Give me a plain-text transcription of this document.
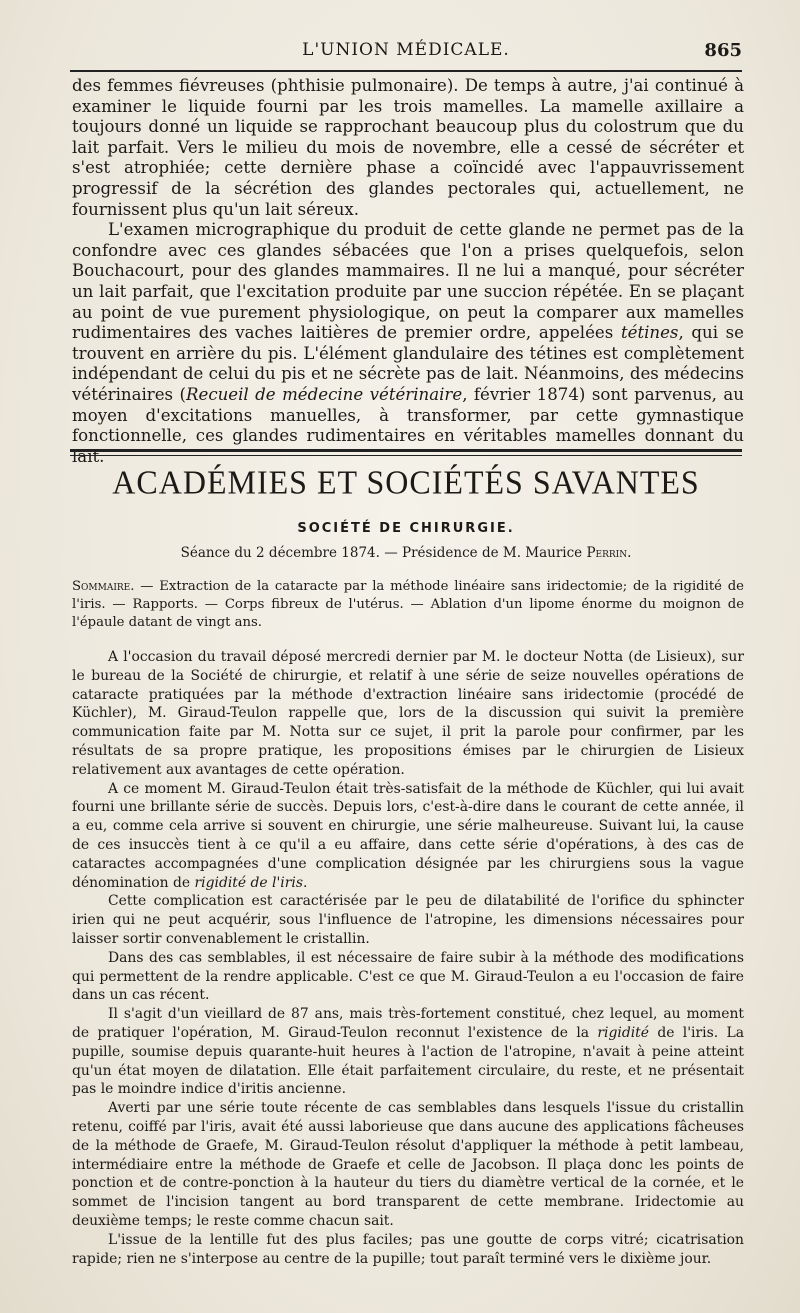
L'UNION MÉDICALE.	865

des femmes fiévreuses (phthisie pulmonaire). De temps à autre, j'ai continué à examiner le liquide fourni par les trois mamelles. La mamelle axillaire a toujours donné un liquide se rapprochant beaucoup plus du colostrum que du lait parfait. Vers le milieu du mois de novembre, elle a cessé de sécréter et s'est atrophiée; cette dernière phase a coïncidé avec l'appauvrissement progressif de la sécrétion des glandes pectorales qui, actuellement, ne fournissent plus qu'un lait séreux.

L'examen micrographique du produit de cette glande ne permet pas de la confondre avec ces glandes sébacées que l'on a prises quelquefois, selon Bouchacourt, pour des glandes mammaires. Il ne lui a manqué, pour sécréter un lait parfait, que l'excitation produite par une succion répétée. En se plaçant au point de vue purement physiologique, on peut la comparer aux mamelles rudimentaires des vaches laitières de premier ordre, appelées tétines, qui se trouvent en arrière du pis. L'élément glandulaire des tétines est complètement indépendant de celui du pis et ne sécrète pas de lait. Néanmoins, des médecins vétérinaires (Recueil de médecine vétérinaire, février 1874) sont parvenus, au moyen d'excitations manuelles, à transformer, par cette gymnastique fonctionnelle, ces glandes rudimentaires en véritables mamelles donnant du lait.

ACADÉMIES ET SOCIÉTÉS SAVANTES
SOCIÉTÉ DE CHIRURGIE.
Séance du 2 décembre 1874. — Présidence de M. Maurice Perrin.

Sommaire. — Extraction de la cataracte par la méthode linéaire sans iridectomie; de la rigidité de l'iris. — Rapports. — Corps fibreux de l'utérus. — Ablation d'un lipome énorme du moignon de l'épaule datant de vingt ans.

A l'occasion du travail déposé mercredi dernier par M. le docteur Notta (de Lisieux), sur le bureau de la Société de chirurgie, et relatif à une série de seize nouvelles opérations de cataracte pratiquées par la méthode d'extraction linéaire sans iridectomie (procédé de Küchler), M. Giraud-Teulon rappelle que, lors de la discussion qui suivit la première communication faite par M. Notta sur ce sujet, il prit la parole pour confirmer, par les résultats de sa propre pratique, les propositions émises par le chirurgien de Lisieux relativement aux avantages de cette opération.

A ce moment M. Giraud-Teulon était très-satisfait de la méthode de Küchler, qui lui avait fourni une brillante série de succès. Depuis lors, c'est-à-dire dans le courant de cette année, il a eu, comme cela arrive si souvent en chirurgie, une série malheureuse. Suivant lui, la cause de ces insuccès tient à ce qu'il a eu affaire, dans cette série d'opérations, à des cas de cataractes accompagnées d'une complication désignée par les chirurgiens sous la vague dénomination de rigidité de l'iris.

Cette complication est caractérisée par le peu de dilatabilité de l'orifice du sphincter irien qui ne peut acquérir, sous l'influence de l'atropine, les dimensions nécessaires pour laisser sortir convenablement le cristallin.

Dans des cas semblables, il est nécessaire de faire subir à la méthode des modifications qui permettent de la rendre applicable. C'est ce que M. Giraud-Teulon a eu l'occasion de faire dans un cas récent.

Il s'agit d'un vieillard de 87 ans, mais très-fortement constitué, chez lequel, au moment de pratiquer l'opération, M. Giraud-Teulon reconnut l'existence de la rigidité de l'iris. La pupille, soumise depuis quarante-huit heures à l'action de l'atropine, n'avait à peine atteint qu'un état moyen de dilatation. Elle était parfaitement circulaire, du reste, et ne présentait pas le moindre indice d'iritis ancienne.

Averti par une série toute récente de cas semblables dans lesquels l'issue du cristallin retenu, coiffé par l'iris, avait été aussi laborieuse que dans aucune des applications fâcheuses de la méthode de Graefe, M. Giraud-Teulon résolut d'appliquer la méthode à petit lambeau, intermédiaire entre la méthode de Graefe et celle de Jacobson. Il plaça donc les points de ponction et de contre-ponction à la hauteur du tiers du diamètre vertical de la cornée, et le sommet de l'incision tangent au bord transparent de cette membrane. Iridectomie au deuxième temps; le reste comme chacun sait.

L'issue de la lentille fut des plus faciles; pas une goutte de corps vitré; cicatrisation rapide; rien ne s'interpose au centre de la pupille; tout paraît terminé vers le dixième jour.
